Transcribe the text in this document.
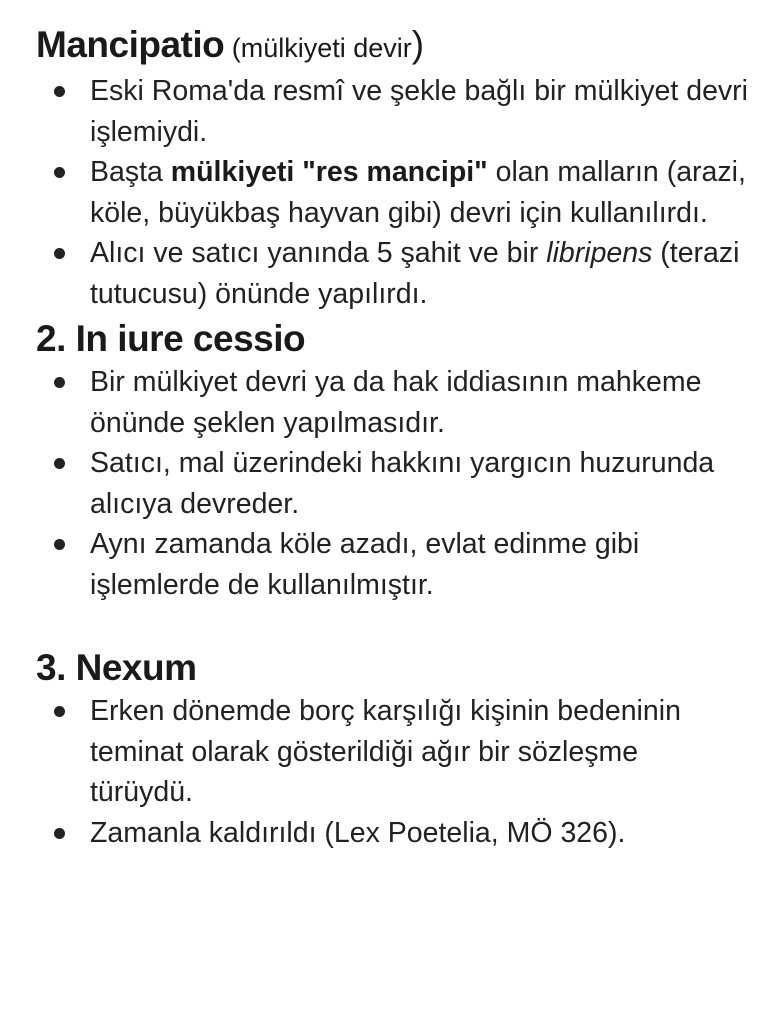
Mancipatio (mülkiyeti devir)
Eski Roma'da resmî ve şekle bağlı bir mülkiyet devri işlemiydi.
Başta mülkiyeti "res mancipi" olan malların (arazi, köle, büyükbaş hayvan gibi) devri için kullanılırdı.
Alıcı ve satıcı yanında 5 şahit ve bir libripens (terazi tutucusu) önünde yapılırdı.
2. In iure cessio
Bir mülkiyet devri ya da hak iddiasının mahkeme önünde şeklen yapılmasıdır.
Satıcı, mal üzerindeki hakkını yargıcın huzurunda alıcıya devreder.
Aynı zamanda köle azadı, evlat edinme gibi işlemlerde de kullanılmıştır.
3. Nexum
Erken dönemde borç karşılığı kişinin bedeninin teminat olarak gösterildiği ağır bir sözleşme türüydü.
Zamanla kaldırıldı (Lex Poetelia, MÖ 326).
